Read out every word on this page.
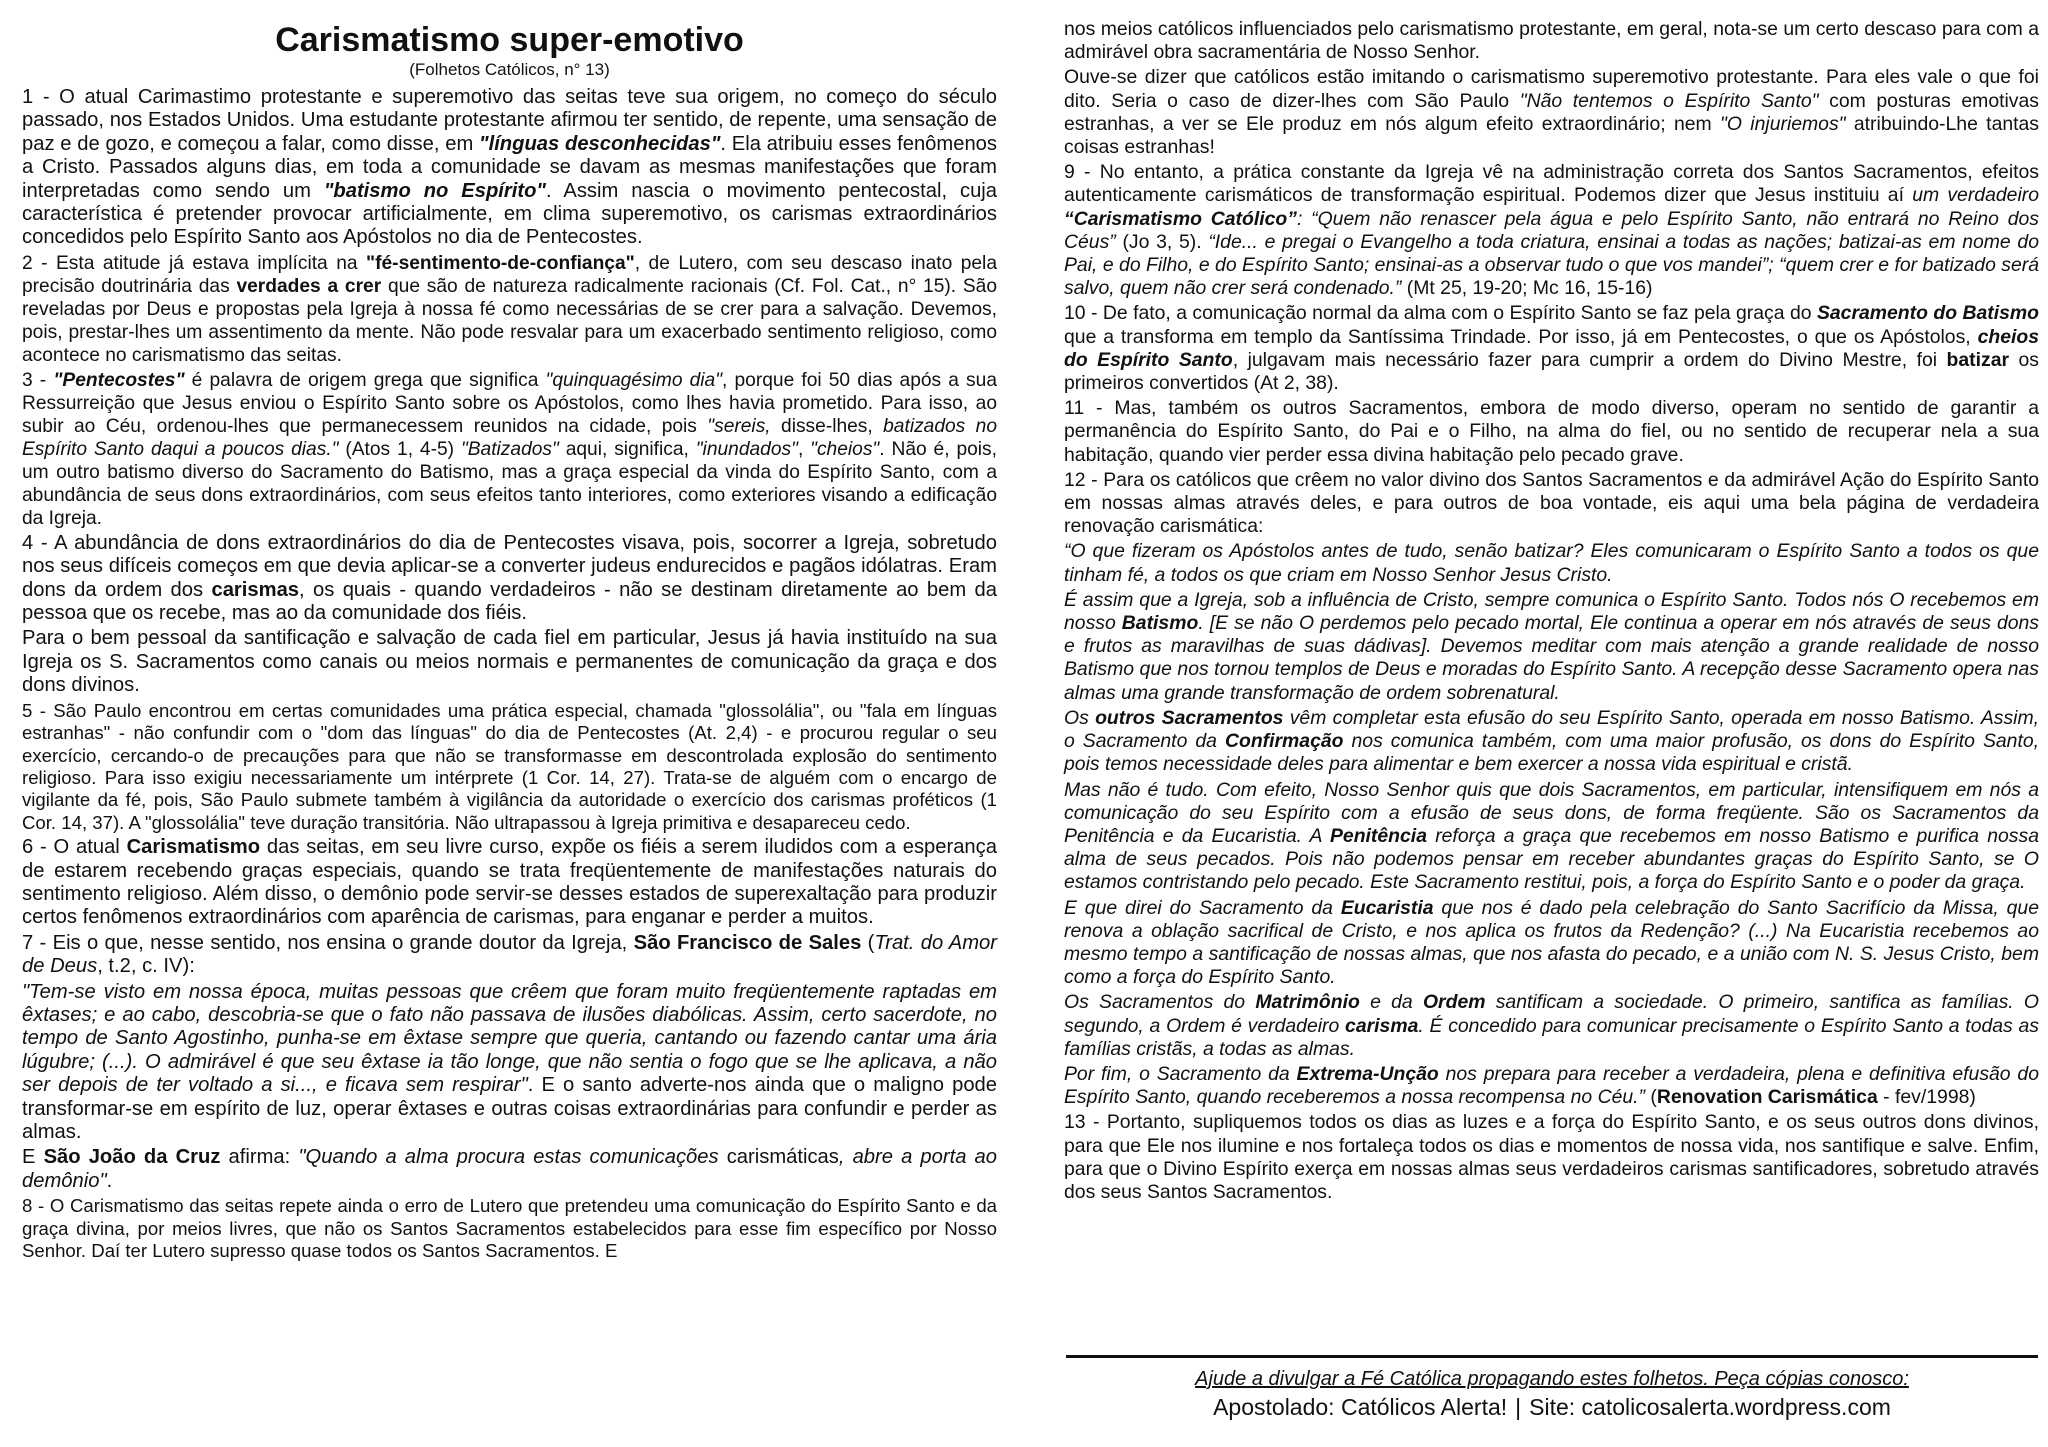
Carismatismo super-emotivo
(Folhetos Católicos, n° 13)

1 - O atual Carimastimo protestante e superemotivo das seitas teve sua origem, no começo do século passado, nos Estados Unidos. Uma estudante protestante afirmou ter sentido, de repente, uma sensação de paz e de gozo, e começou a falar, como disse, em "línguas desconhecidas". Ela atribuiu esses fenômenos a Cristo. Passados alguns dias, em toda a comunidade se davam as mesmas manifestações que foram interpretadas como sendo um "batismo no Espírito". Assim nascia o movimento pentecostal, cuja característica é pretender provocar artificialmente, em clima superemotivo, os carismas extraordinários concedidos pelo Espírito Santo aos Apóstolos no dia de Pentecostes.

2 - Esta atitude já estava implícita na "fé-sentimento-de-confiança", de Lutero, com seu descaso inato pela precisão doutrinária das verdades a crer que são de natureza radicalmente racionais (Cf. Fol. Cat., n° 15). São reveladas por Deus e propostas pela Igreja à nossa fé como necessárias de se crer para a salvação. Devemos, pois, prestar-lhes um assentimento da mente. Não pode resvalar para um exacerbado sentimento religioso, como acontece no carismatismo das seitas.

3 - "Pentecostes" é palavra de origem grega que significa "quinquagésimo dia", porque foi 50 dias após a sua Ressurreição que Jesus enviou o Espírito Santo sobre os Apóstolos, como lhes havia prometido. Para isso, ao subir ao Céu, ordenou-lhes que permanecessem reunidos na cidade, pois "sereis, disse-lhes, batizados no Espírito Santo daqui a poucos dias." (Atos 1, 4-5) "Batizados" aqui, significa, "inundados", "cheios". Não é, pois, um outro batismo diverso do Sacramento do Batismo, mas a graça especial da vinda do Espírito Santo, com a abundância de seus dons extraordinários, com seus efeitos tanto interiores, como exteriores visando a edificação da Igreja.

4 - A abundância de dons extraordinários do dia de Pentecostes visava, pois, socorrer a Igreja, sobretudo nos seus difíceis começos em que devia aplicar-se a converter judeus endurecidos e pagãos idólatras. Eram dons da ordem dos carismas, os quais - quando verdadeiros - não se destinam diretamente ao bem da pessoa que os recebe, mas ao da comunidade dos fiéis.

Para o bem pessoal da santificação e salvação de cada fiel em particular, Jesus já havia instituído na sua Igreja os S. Sacramentos como canais ou meios normais e permanentes de comunicação da graça e dos dons divinos.

5 - São Paulo encontrou em certas comunidades uma prática especial, chamada "glossolália", ou "fala em línguas estranhas" - não confundir com o "dom das línguas" do dia de Pentecostes (At. 2,4) - e procurou regular o seu exercício, cercando-o de precauções para que não se transformasse em descontrolada explosão do sentimento religioso. Para isso exigiu necessariamente um intérprete (1 Cor. 14, 27). Trata-se de alguém com o encargo de vigilante da fé, pois, São Paulo submete também à vigilância da autoridade o exercício dos carismas proféticos (1 Cor. 14, 37). A "glossolália" teve duração transitória. Não ultrapassou à Igreja primitiva e desapareceu cedo.

6 - O atual Carismatismo das seitas, em seu livre curso, expõe os fiéis a serem iludidos com a esperança de estarem recebendo graças especiais, quando se trata freqüentemente de manifestações naturais do sentimento religioso. Além disso, o demônio pode servir-se desses estados de superexaltação para produzir certos fenômenos extraordinários com aparência de carismas, para enganar e perder a muitos.

7 - Eis o que, nesse sentido, nos ensina o grande doutor da Igreja, São Francisco de Sales (Trat. do Amor de Deus, t.2, c. IV):

"Tem-se visto em nossa época, muitas pessoas que crêem que foram muito freqüentemente raptadas em êxtases; e ao cabo, descobria-se que o fato não passava de ilusões diabólicas. Assim, certo sacerdote, no tempo de Santo Agostinho, punha-se em êxtase sempre que queria, cantando ou fazendo cantar uma ária lúgubre; (...). O admirável é que seu êxtase ia tão longe, que não sentia o fogo que se lhe aplicava, a não ser depois de ter voltado a si..., e ficava sem respirar". E o santo adverte-nos ainda que o maligno pode transformar-se em espírito de luz, operar êxtases e outras coisas extraordinárias para confundir e perder as almas.

E São João da Cruz afirma: "Quando a alma procura estas comunicações carismáticas, abre a porta ao demônio".

8 - O Carismatismo das seitas repete ainda o erro de Lutero que pretendeu uma comunicação do Espírito Santo e da graça divina, por meios livres, que não os Santos Sacramentos estabelecidos para esse fim específico por Nosso Senhor. Daí ter Lutero supresso quase todos os Santos Sacramentos. E

nos meios católicos influenciados pelo carismatismo protestante, em geral, nota-se um certo descaso para com a admirável obra sacramentária de Nosso Senhor.

Ouve-se dizer que católicos estão imitando o carismatismo superemotivo protestante. Para eles vale o que foi dito. Seria o caso de dizer-lhes com São Paulo "Não tentemos o Espírito Santo" com posturas emotivas estranhas, a ver se Ele produz em nós algum efeito extraordinário; nem "O injuriemos" atribuindo-Lhe tantas coisas estranhas!

9 - No entanto, a prática constante da Igreja vê na administração correta dos Santos Sacramentos, efeitos autenticamente carismáticos de transformação espiritual. Podemos dizer que Jesus instituiu aí um verdadeiro “Carismatismo Católico”: “Quem não renascer pela água e pelo Espírito Santo, não entrará no Reino dos Céus” (Jo 3, 5). “Ide... e pregai o Evangelho a toda criatura, ensinai a todas as nações; batizai-as em nome do Pai, e do Filho, e do Espírito Santo; ensinai-as a observar tudo o que vos mandei”; “quem crer e for batizado será salvo, quem não crer será condenado.” (Mt 25, 19-20; Mc 16, 15-16)

10 - De fato, a comunicação normal da alma com o Espírito Santo se faz pela graça do Sacramento do Batismo que a transforma em templo da Santíssima Trindade. Por isso, já em Pentecostes, o que os Apóstolos, cheios do Espírito Santo, julgavam mais necessário fazer para cumprir a ordem do Divino Mestre, foi batizar os primeiros convertidos (At 2, 38).

11 - Mas, também os outros Sacramentos, embora de modo diverso, operam no sentido de garantir a permanência do Espírito Santo, do Pai e o Filho, na alma do fiel, ou no sentido de recuperar nela a sua habitação, quando vier perder essa divina habitação pelo pecado grave.

12 - Para os católicos que crêem no valor divino dos Santos Sacramentos e da admirável Ação do Espírito Santo em nossas almas através deles, e para outros de boa vontade, eis aqui uma bela página de verdadeira renovação carismática:

“O que fizeram os Apóstolos antes de tudo, senão batizar? Eles comunicaram o Espírito Santo a todos os que tinham fé, a todos os que criam em Nosso Senhor Jesus Cristo.

É assim que a Igreja, sob a influência de Cristo, sempre comunica o Espírito Santo. Todos nós O recebemos em nosso Batismo. [E se não O perdemos pelo pecado mortal, Ele continua a operar em nós através de seus dons e frutos as maravilhas de suas dádivas]. Devemos meditar com mais atenção a grande realidade de nosso Batismo que nos tornou templos de Deus e moradas do Espírito Santo. A recepção desse Sacramento opera nas almas uma grande transformação de ordem sobrenatural.

Os outros Sacramentos vêm completar esta efusão do seu Espírito Santo, operada em nosso Batismo. Assim, o Sacramento da Confirmação nos comunica também, com uma maior profusão, os dons do Espírito Santo, pois temos necessidade deles para alimentar e bem exercer a nossa vida espiritual e cristã.

Mas não é tudo. Com efeito, Nosso Senhor quis que dois Sacramentos, em particular, intensifiquem em nós a comunicação do seu Espírito com a efusão de seus dons, de forma freqüente. São os Sacramentos da Penitência e da Eucaristia. A Penitência reforça a graça que recebemos em nosso Batismo e purifica nossa alma de seus pecados. Pois não podemos pensar em receber abundantes graças do Espírito Santo, se O estamos contristando pelo pecado. Este Sacramento restitui, pois, a força do Espírito Santo e o poder da graça.

E que direi do Sacramento da Eucaristia que nos é dado pela celebração do Santo Sacrifício da Missa, que renova a oblação sacrifical de Cristo, e nos aplica os frutos da Redenção? (...) Na Eucaristia recebemos ao mesmo tempo a santificação de nossas almas, que nos afasta do pecado, e a união com N. S. Jesus Cristo, bem como a força do Espírito Santo.

Os Sacramentos do Matrimônio e da Ordem santificam a sociedade. O primeiro, santifica as famílias. O segundo, a Ordem é verdadeiro carisma. É concedido para comunicar precisamente o Espírito Santo a todas as famílias cristãs, a todas as almas.

Por fim, o Sacramento da Extrema-Unção nos prepara para receber a verdadeira, plena e definitiva efusão do Espírito Santo, quando receberemos a nossa recompensa no Céu.” (Renovation Carismática - fev/1998)

13 - Portanto, supliquemos todos os dias as luzes e a força do Espírito Santo, e os seus outros dons divinos, para que Ele nos ilumine e nos fortaleça todos os dias e momentos de nossa vida, nos santifique e salve. Enfim, para que o Divino Espírito exerça em nossas almas seus verdadeiros carismas santificadores, sobretudo através dos seus Santos Sacramentos.

Ajude a divulgar a Fé Católica propagando estes folhetos. Peça cópias conosco:
Apostolado: Católicos Alerta! | Site: catolicosalerta.wordpress.com
